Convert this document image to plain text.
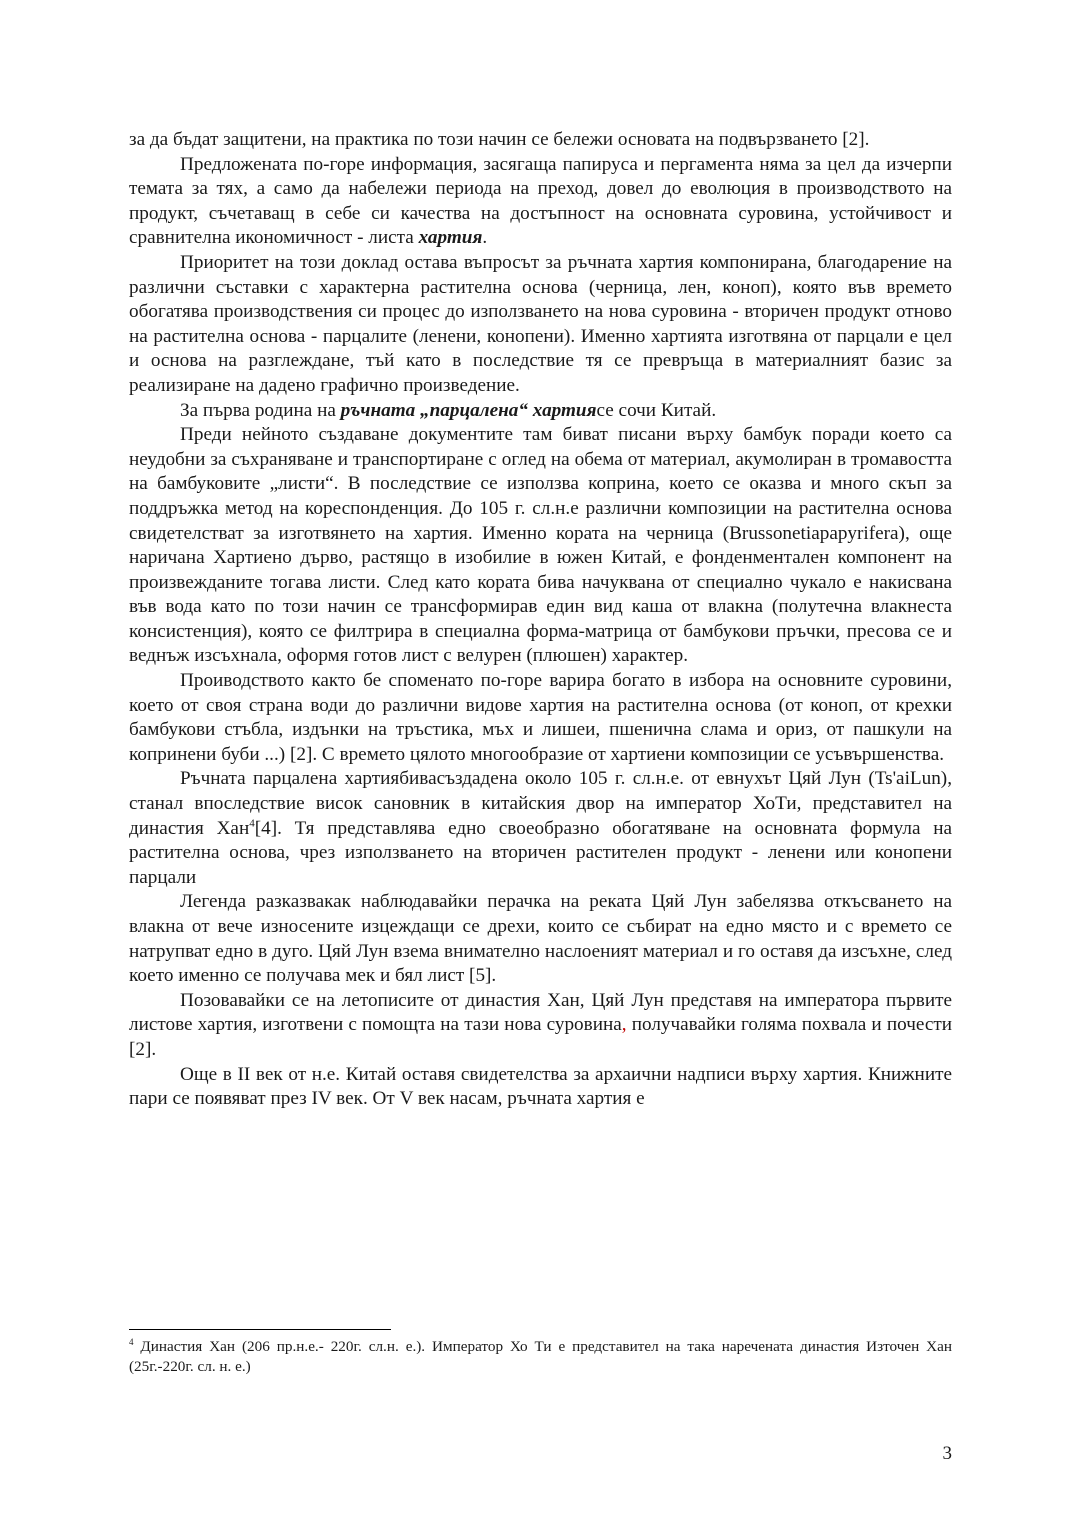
за да бъдат защитени, на практика по този начин се бележи основата на подвързването [2].

Предложената по-горе информация, засягаща папируса и пергамента няма за цел да изчерпи темата за тях, а само да набележи периода на преход, довел до еволюция в производството на продукт, съчетаващ в себе си качества на достъпност на основната суровина, устойчивост и сравнителна икономичност - листа хартия.

Приоритет на този доклад остава въпросът за ръчната хартия компонирана, благодарение на различни съставки с характерна растителна основа (черница, лен, коноп), която във времето обогатява производствения си процес до използването на нова суровина - вторичен продукт отново на растителна основа - парцалите (ленени, конопени). Именно хартията изготвяна от парцали е цел и основа на разглеждане, тъй като в последствие тя се превръща в материалният базис за реализиране на дадено графично произведение.

За първа родина на ръчната „парцалена“ хартиясе сочи Китай.

Преди нейното създаване документите там биват писани върху бамбук поради което са неудобни за съхраняване и транспортиране с оглед на обема от материал, акумолиран в тромавостта на бамбуковите „листи“. В последствие се използва коприна, което се оказва и много скъп за поддръжка метод на кореспонденция. До 105 г. сл.н.е различни композиции на растителна основа свидетелстват за изготвянето на хартия. Именно кората на черница (Brussonetiapapyrifera), още наричана Хартиено дърво, растящо в изобилие в южен Китай, е фонденментален компонент на произвежданите тогава листи. След като кората бива начуквана от специално чукало е накисвана във вода като по този начин се трансформирав един вид каша от влакна (полутечна влакнеста консистенция), която се филтрира в специална форма-матрица от бамбукови пръчки, пресова се и веднъж изсъхнала, оформя готов лист с велурен (плюшен) характер.

Проиводството както бе споменато по-горе варира богато в избора на основните суровини, което от своя страна води до различни видове хартия на растителна основа (от коноп, от крехки бамбукови стъбла, издънки на тръстика, мъх и лишеи, пшенична слама и ориз, от пашкули на копринени буби ...) [2]. С времето цялото многообразие от хартиени композиции се усъвършенства.

Ръчната парцалена хартиябивасъздадена около 105 г. сл.н.е. от евнухът Цяй Лун (Ts'aiLun), станал впоследствие висок сановник в китайския двор на император ХоТи, представител на династия Хан$^4$[4]. Тя представлява едно своеобразно обогатяване на основната формула на растителна основа, чрез използването на вторичен растителен продукт - ленени или конопени парцали

Легенда разказвакак наблюдавайки перачка на реката Цяй Лун забелязва откъсването на влакна от вече износените изцеждащи се дрехи, които се събират на едно място и с времето се натрупват едно в дуго. Цяй Лун взема внимателно наслоеният материал и го оставя да изсъхне, след което именно се получава мек и бял лист [5].

Позовавайки се на летописите от династия Хан, Цяй Лун представя на императора първите листове хартия, изготвени с помощта на тази нова суровина, получавайки голяма похвала и почести [2].

Още в II век от н.е. Китай оставя свидетелства за архаични надписи върху хартия. Книжните пари се появяват през IV век. От V век насам, ръчната хартия е

$^4$ Династия Хан (206 пр.н.е.- 220г. сл.н. е.). Император Хо Ти е представител на така наречената династия Източен Хан (25г.-220г. сл. н. е.)
3
